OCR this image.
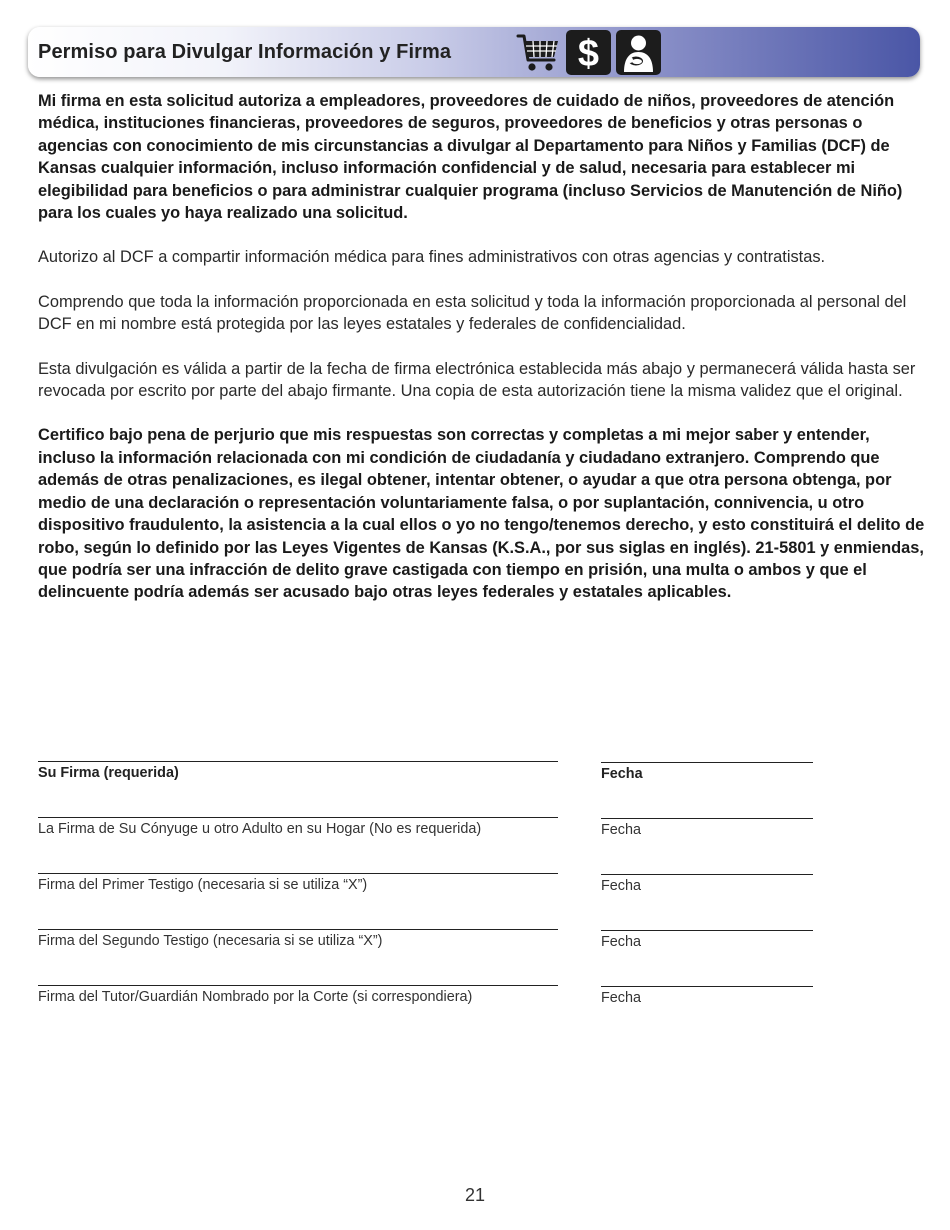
Permiso para Divulgar Información y Firma	$

Mi firma en esta solicitud autoriza a empleadores, proveedores de cuidado de niños, proveedores de atención médica, instituciones financieras, proveedores de seguros, proveedores de beneficios y otras personas o agencias con conocimiento de mis circunstancias a divulgar al Departamento para Niños y Familias (DCF) de Kansas cualquier información, incluso información confidencial y de salud, necesaria para establecer mi elegibilidad para beneficios o para administrar cualquier programa (incluso Servicios de Manutención de Niño) para los cuales yo haya realizado una solicitud.

Autorizo al DCF a compartir información médica para fines administrativos con otras agencias y contratistas.

Comprendo que toda la información proporcionada en esta solicitud y toda la información proporcionada al personal del DCF en mi nombre está protegida por las leyes estatales y federales de confidencialidad.

Esta divulgación es válida a partir de la fecha de firma electrónica establecida más abajo y permanecerá válida hasta ser revocada por escrito por parte del abajo firmante. Una copia de esta autorización tiene la misma validez que el original.

Certifico bajo pena de perjurio que mis respuestas son correctas y completas a mi mejor saber y entender, incluso la información relacionada con mi condición de ciudadanía y ciudadano extranjero. Comprendo que además de otras penalizaciones, es ilegal obtener, intentar obtener, o ayudar a que otra persona obtenga, por medio de una declaración o representación voluntariamente falsa, o por suplantación, connivencia, u otro dispositivo fraudulento, la asistencia a la cual ellos o yo no tengo/tenemos derecho, y esto constituirá el delito de robo, según lo definido por las Leyes Vigentes de Kansas (K.S.A., por sus siglas en inglés). 21-5801 y enmiendas, que podría ser una infracción de delito grave castigada con tiempo en prisión, una multa o ambos y que el delincuente podría además ser acusado bajo otras leyes federales y estatales aplicables.

Su Firma (requerida)	Fecha
La Firma de Su Cónyuge u otro Adulto en su Hogar (No es requerida)	Fecha
Firma del Primer Testigo (necesaria si se utiliza “X”)	Fecha
Firma del Segundo Testigo (necesaria si se utiliza “X”)	Fecha
Firma del Tutor/Guardián Nombrado por la Corte (si correspondiera)	Fecha
21
